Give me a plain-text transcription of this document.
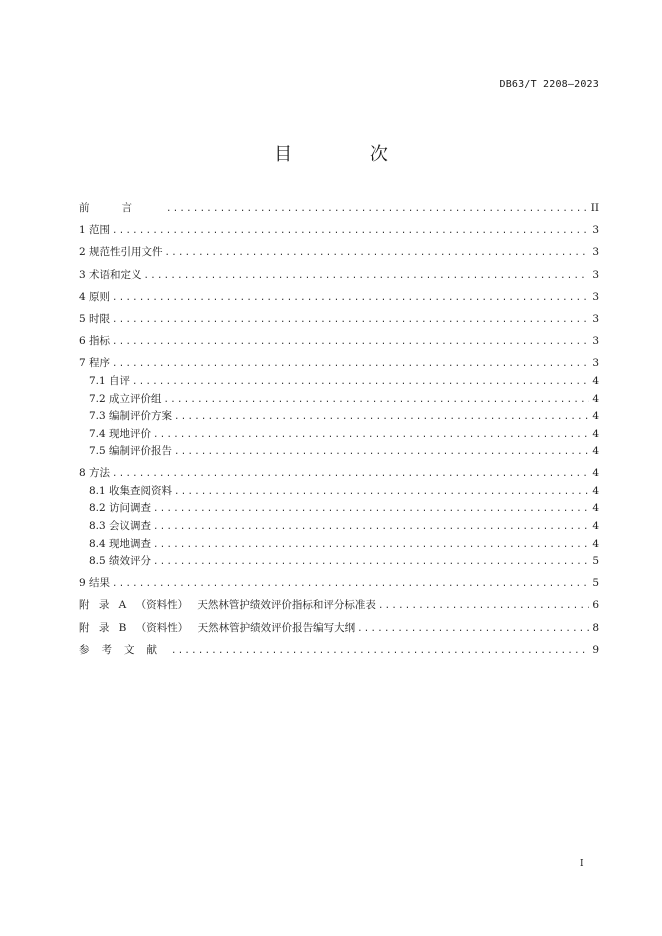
DB63/T 2208—2023
目 次
前言 .....	II
1 范围 .....	3
2 规范性引用文件 .....	3
3 术语和定义 .....	3
4 原则 .....	3
5 时限 .....	3
6 指标 .....	3
7 程序 .....	3
7.1 自评 .....	4
7.2 成立评价组 .....	4
7.3 编制评价方案 .....	4
7.4 现地评价 .....	4
7.5 编制评价报告 .....	4
8 方法 .....	4
8.1 收集查阅资料 .....	4
8.2 访问调查 .....	4
8.3 会议调查 .....	4
8.4 现地调查 .....	4
8.5 绩效评分 .....	5
9 结果 .....	5
附 录 A （资料性） 天然林管护绩效评价指标和评分标准表 .....	6
附 录 B （资料性） 天然林管护绩效评价报告编写大纲 .....	8
参考文献 .....	9
I
